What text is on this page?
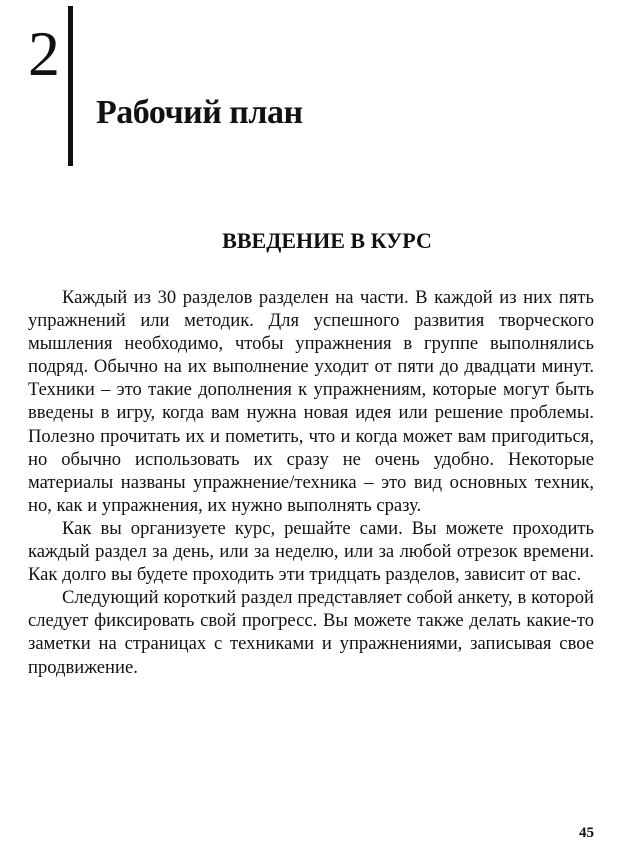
2
Рабочий план
ВВЕДЕНИЕ В КУРС

Каждый из 30 разделов разделен на части. В каждой из них пять упражнений или методик. Для успешного развития творческого мышления необходимо, чтобы упражнения в группе выполнялись подряд. Обычно на их выполнение уходит от пяти до двадцати минут. Техники – это такие дополнения к упражнениям, которые могут быть введены в игру, когда вам нужна новая идея или решение проблемы. Полезно прочитать их и пометить, что и когда может вам пригодиться, но обычно использовать их сразу не очень удобно. Некоторые материалы названы упражнение/техника – это вид основных техник, но, как и упражнения, их нужно выполнять сразу.

Как вы организуете курс, решайте сами. Вы можете проходить каждый раздел за день, или за неделю, или за любой отрезок времени. Как долго вы будете проходить эти тридцать разделов, зависит от вас.

Следующий короткий раздел представляет собой анкету, в которой следует фиксировать свой прогресс. Вы можете также делать какие-то заметки на страницах с техниками и упражнениями, записывая свое продвижение.

45
